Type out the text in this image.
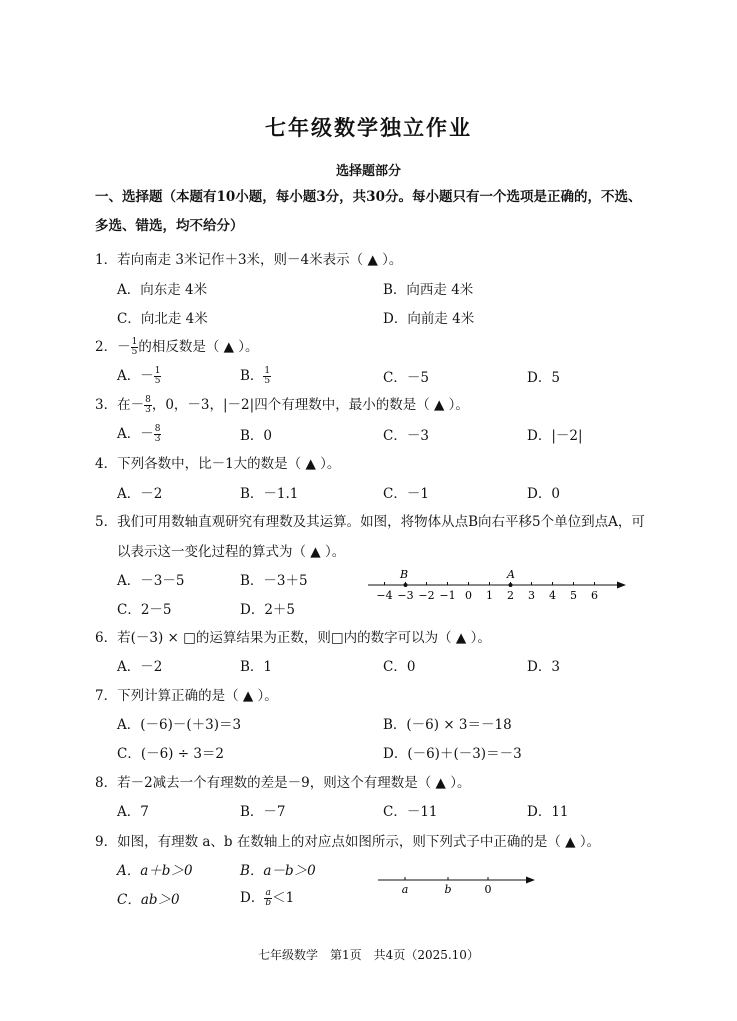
七年级数学独立作业
选择题部分
一、选择题（本题有10小题，每小题3分，共30分。每小题只有一个选项是正确的，不选、
多选、错选，均不给分）
1．若向南走 3米记作＋3米，则－4米表示（ ▲ ）。
A．向东走 4米	B．向西走 4米
C．向北走 4米	D．向前走 4米
2．－ $\frac{1}{5}$ 的相反数是（ ▲ ）。
A．－ $\frac{1}{5}$	B． $\frac{1}{5}$	C．－5	D．5
3．在－ $\frac{8}{3}$ ，0，－3，|－2|四个有理数中，最小的数是（ ▲ ）。
A．－ $\frac{8}{3}$	B．0	C．－3	D．|－2|
4．下列各数中，比－1大的数是（ ▲ ）。
A．－2	B．－1.1	C．－1	D．0
5．我们可用数轴直观研究有理数及其运算。如图，将物体从点B向右平移5个单位到点A，可
以表示这一变化过程的算式为（ ▲ ）。
A．－3－5	B．－3＋5
C．2－5	D．2＋5
−4 −3 −2 −1 0 1 2 3 4 5 6
B	A
6．若(－3) × □的运算结果为正数，则□内的数字可以为（ ▲ ）。
A．－2	B．1	C．0	D．3
7．下列计算正确的是（ ▲ ）。
A．(－6)－(＋3)＝3	B．(－6) × 3＝－18
C．(－6) ÷ 3＝2	D．(－6)＋(－3)＝－3
8．若－2减去一个有理数的差是－9，则这个有理数是（ ▲ ）。
A．7	B．－7	C．－11	D．11
9．如图，有理数 a、b 在数轴上的对应点如图所示，则下列式子中正确的是（ ▲ ）。
A．a＋b＞0	B．a－b＞0
C．ab＞0	D． $\frac{a}{b} <1$
a	b	0
七年级数学　第1页　共4页（2025.10）
